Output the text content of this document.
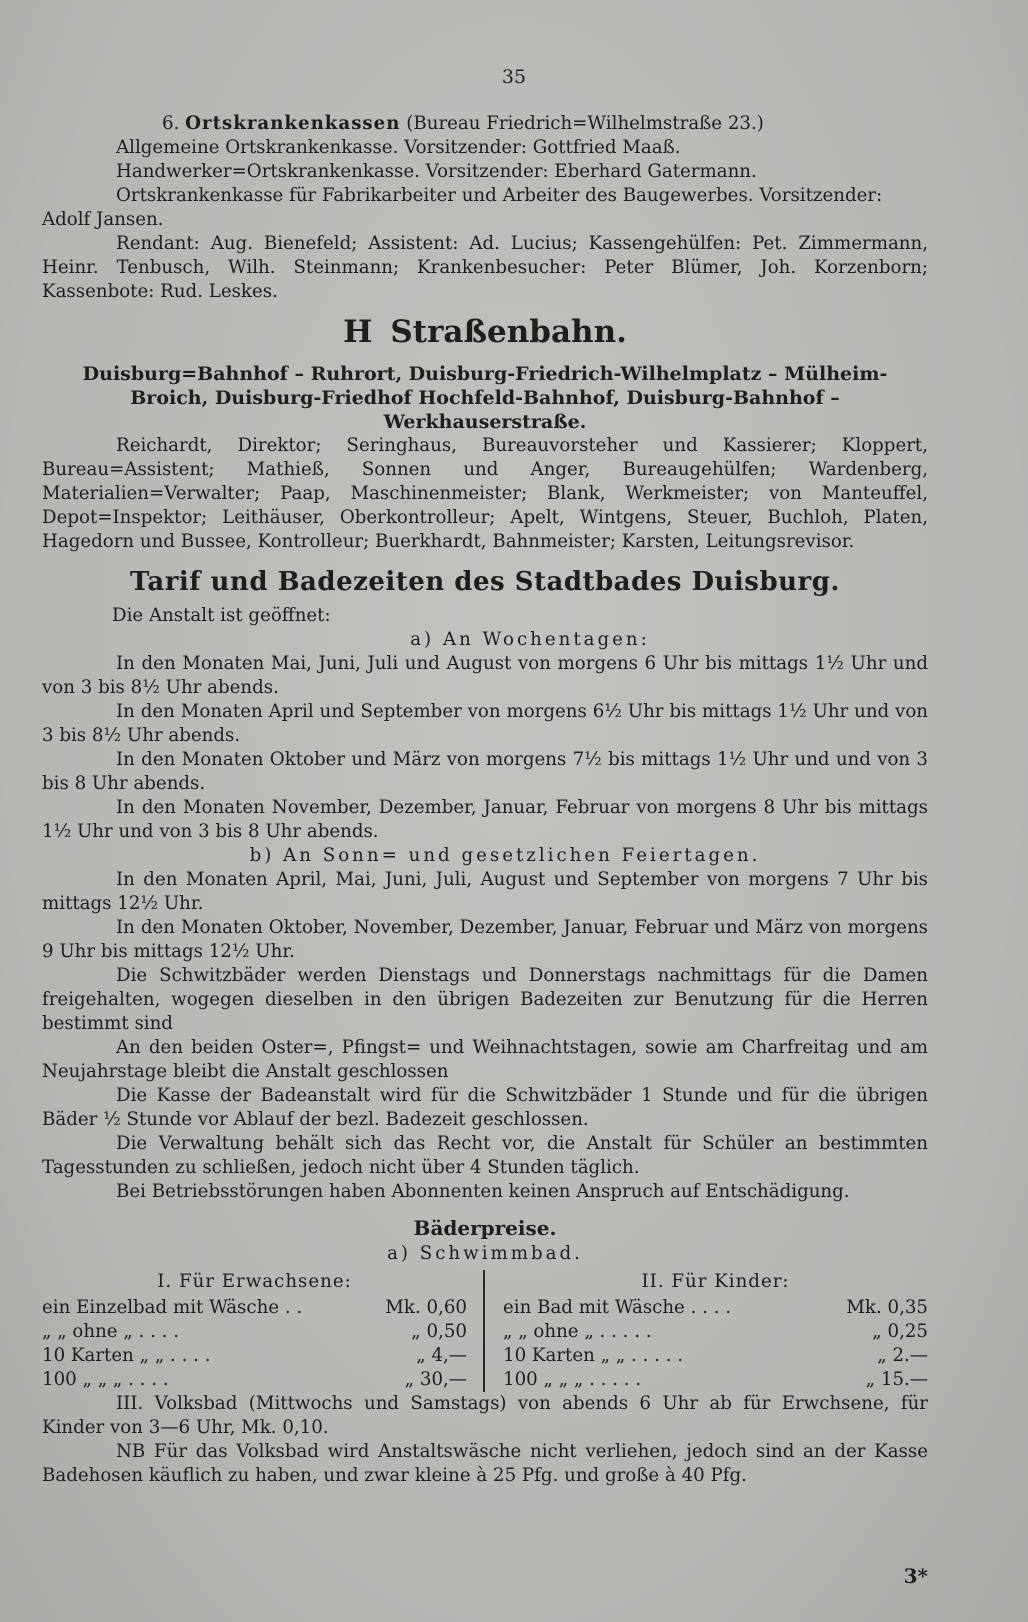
35

6. Ortskrankenkassen (Bureau Friedrich=Wilhelmstraße 23.)

Allgemeine Ortskrankenkasse. Vorsitzender: Gottfried Maaß.

Handwerker=Ortskrankenkasse. Vorsitzender: Eberhard Gatermann.

Ortskrankenkasse für Fabrikarbeiter und Arbeiter des Baugewerbes. Vorsitzender:

Adolf Jansen.

Rendant: Aug. Bienefeld; Assistent: Ad. Lucius; Kassengehülfen: Pet. Zimmermann, Heinr. Tenbusch, Wilh. Steinmann; Krankenbesucher: Peter Blümer, Joh. Korzenborn; Kassenbote: Rud. Leskes.

H Straßenbahn.

Duisburg=Bahnhof – Ruhrort, Duisburg-Friedrich-Wilhelmplatz – Mülheim-Broich, Duisburg-Friedhof Hochfeld-Bahnhof, Duisburg-Bahnhof – Werkhauserstraße.

Reichardt, Direktor; Seringhaus, Bureauvorsteher und Kassierer; Kloppert, Bureau=Assistent; Mathieß, Sonnen und Anger, Bureaugehülfen; Wardenberg, Materialien=Verwalter; Paap, Maschinenmeister; Blank, Werkmeister; von Manteuffel, Depot=Inspektor; Leithäuser, Oberkontrolleur; Apelt, Wintgens, Steuer, Buchloh, Platen, Hagedorn und Bussee, Kontrolleur; Buerkhardt, Bahnmeister; Karsten, Leitungsrevisor.

Tarif und Badezeiten des Stadtbades Duisburg.

Die Anstalt ist geöffnet:

a) An Wochentagen:

In den Monaten Mai, Juni, Juli und August von morgens 6 Uhr bis mittags 1½ Uhr und von 3 bis 8½ Uhr abends.

In den Monaten April und September von morgens 6½ Uhr bis mittags 1½ Uhr und von 3 bis 8½ Uhr abends.

In den Monaten Oktober und März von morgens 7½ bis mittags 1½ Uhr und und von 3 bis 8 Uhr abends.

In den Monaten November, Dezember, Januar, Februar von morgens 8 Uhr bis mittags 1½ Uhr und von 3 bis 8 Uhr abends.

b) An Sonn= und gesetzlichen Feiertagen.

In den Monaten April, Mai, Juni, Juli, August und September von morgens 7 Uhr bis mittags 12½ Uhr.

In den Monaten Oktober, November, Dezember, Januar, Februar und März von morgens 9 Uhr bis mittags 12½ Uhr.

Die Schwitzbäder werden Dienstags und Donnerstags nachmittags für die Damen freigehalten, wogegen dieselben in den übrigen Badezeiten zur Benutzung für die Herren bestimmt sind

An den beiden Oster=, Pfingst= und Weihnachtstagen, sowie am Charfreitag und am Neujahrstage bleibt die Anstalt geschlossen

Die Kasse der Badeanstalt wird für die Schwitzbäder 1 Stunde und für die übrigen Bäder ½ Stunde vor Ablauf der bezl. Badezeit geschlossen.

Die Verwaltung behält sich das Recht vor, die Anstalt für Schüler an bestimmten Tagesstunden zu schließen, jedoch nicht über 4 Stunden täglich.

Bei Betriebsstörungen haben Abonnenten keinen Anspruch auf Entschädigung.

Bäderpreise.

a) Schwimmbad.

I. Für Erwachsene:
ein Einzelbad mit Wäsche . .	Mk. 0,60
„ „ ohne „ . . . .	„ 0,50
10 Karten „ „ . . . .	„ 4,—
100 „ „ „ . . . .	„ 30,—
II. Für Kinder:
ein Bad mit Wäsche . . . .	Mk. 0,35
„ „ ohne „ . . . . .	„ 0,25
10 Karten „ „ . . . . .	„ 2.—
100 „ „ „ . . . . .	„ 15.—

III. Volksbad (Mittwochs und Samstags) von abends 6 Uhr ab für Erwchsene, für Kinder von 3—6 Uhr, Mk. 0,10.

NB Für das Volksbad wird Anstaltswäsche nicht verliehen, jedoch sind an der Kasse Badehosen käuflich zu haben, und zwar kleine à 25 Pfg. und große à 40 Pfg.

3*
